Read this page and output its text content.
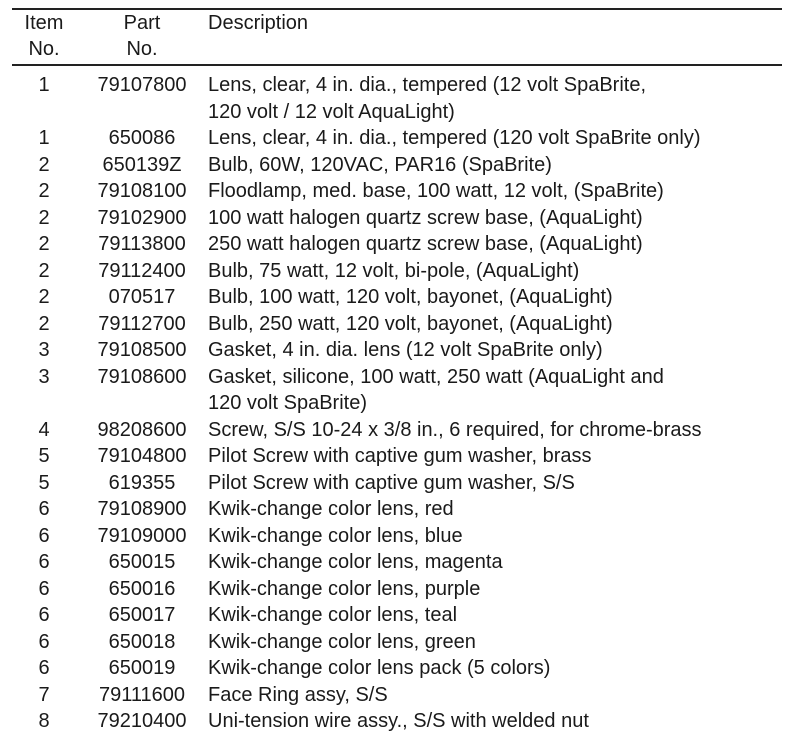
Item
No.	Part
No.	Description
1	79107800	Lens, clear, 4 in. dia., tempered (12 volt SpaBrite,
120 volt / 12 volt AquaLight)
1	650086	Lens, clear, 4 in. dia., tempered (120 volt SpaBrite only)
2	650139Z	Bulb, 60W, 120VAC, PAR16 (SpaBrite)
2	79108100	Floodlamp, med. base, 100 watt, 12 volt, (SpaBrite)
2	79102900	100 watt halogen quartz screw base, (AquaLight)
2	79113800	250 watt halogen quartz screw base, (AquaLight)
2	79112400	Bulb, 75 watt, 12 volt, bi-pole, (AquaLight)
2	070517	Bulb, 100 watt, 120 volt, bayonet, (AquaLight)
2	79112700	Bulb, 250 watt, 120 volt, bayonet, (AquaLight)
3	79108500	Gasket, 4 in. dia. lens (12 volt SpaBrite only)
3	79108600	Gasket, silicone, 100 watt, 250 watt (AquaLight and
120 volt SpaBrite)
4	98208600	Screw, S/S 10-24 x 3/8 in., 6 required, for chrome-brass
5	79104800	Pilot Screw with captive gum washer, brass
5	619355	Pilot Screw with captive gum washer, S/S
6	79108900	Kwik-change color lens, red
6	79109000	Kwik-change color lens, blue
6	650015	Kwik-change color lens, magenta
6	650016	Kwik-change color lens, purple
6	650017	Kwik-change color lens, teal
6	650018	Kwik-change color lens, green
6	650019	Kwik-change color lens pack (5 colors)
7	79111600	Face Ring assy, S/S
8	79210400	Uni-tension wire assy., S/S with welded nut
